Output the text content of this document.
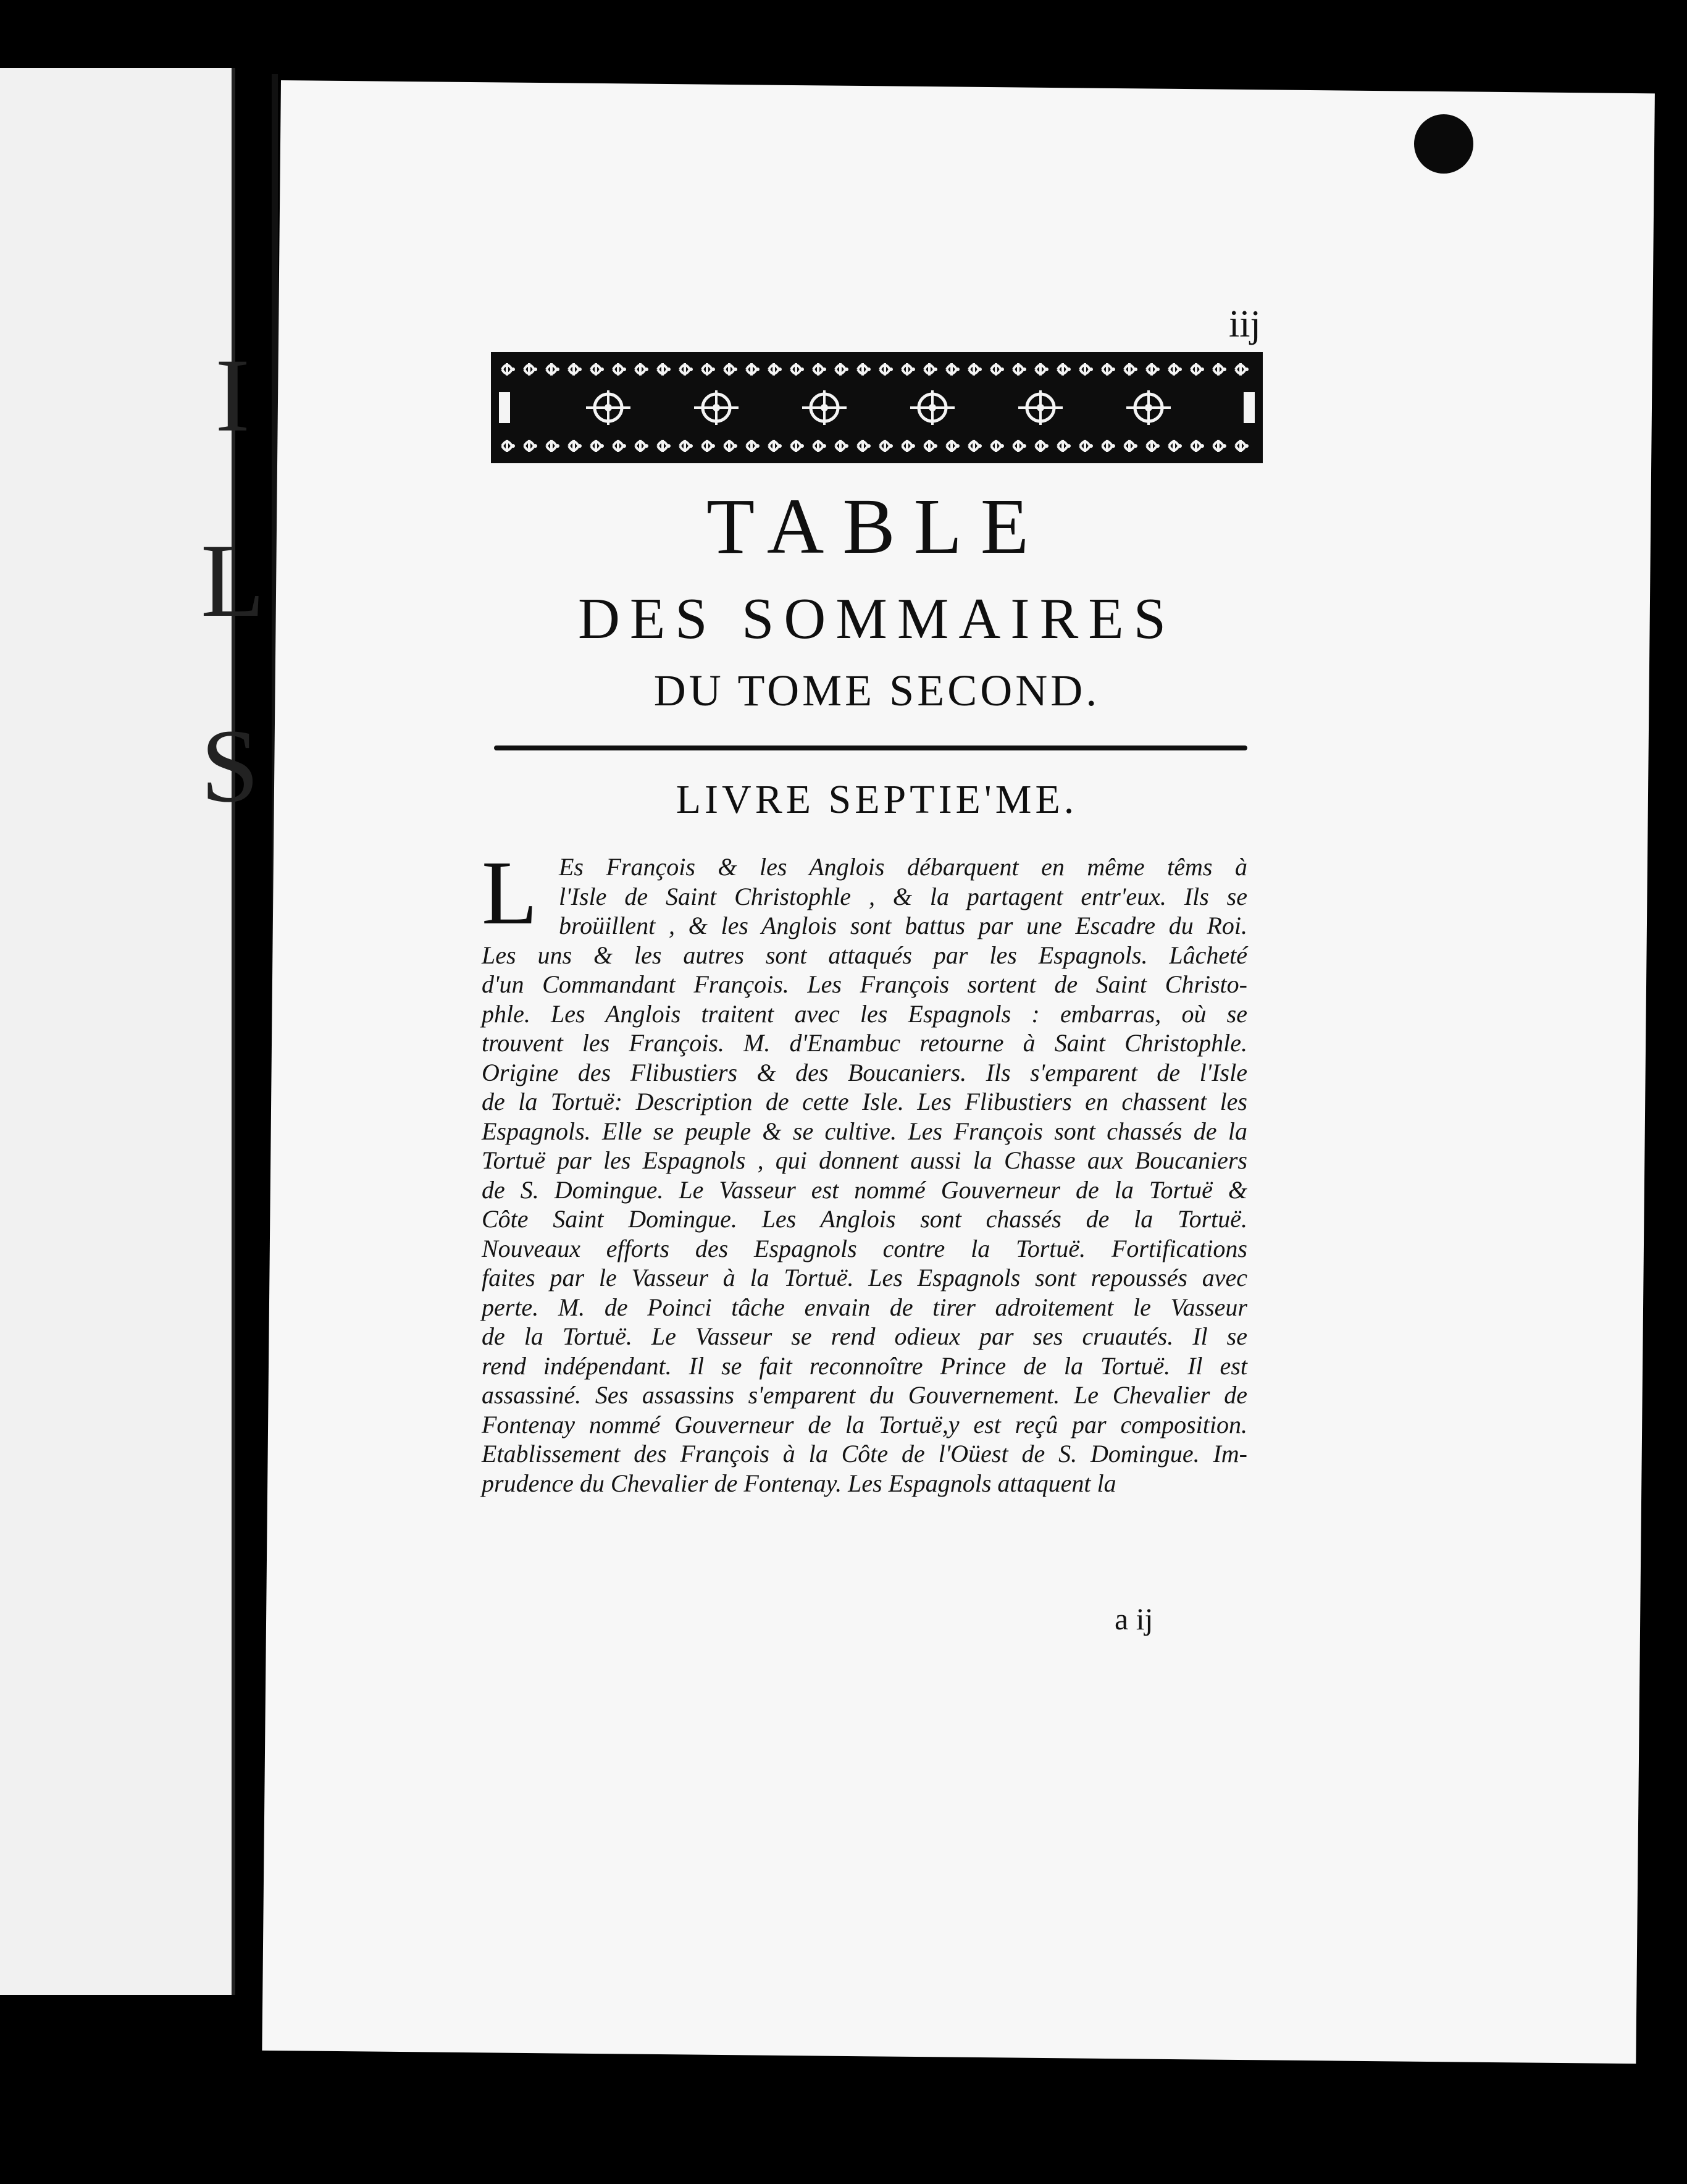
I
L
S
iij
TABLE
DES SOMMAIRES
DU TOME SECOND.
LIVRE SEPTIE'ME.
L Es François & les Anglois débarquent en même têms à
l'Isle de Saint Christophle , & la partagent entr'eux. Ils se
broüillent , & les Anglois sont battus par une Escadre du Roi.
Les uns & les autres sont attaqués par les Espagnols. Lâcheté
d'un Commandant François. Les François sortent de Saint Christo-
phle. Les Anglois traitent avec les Espagnols : embarras, où se
trouvent les François. M. d'Enambuc retourne à Saint Christophle.
Origine des Flibustiers & des Boucaniers. Ils s'emparent de l'Isle
de la Tortuë: Description de cette Isle. Les Flibustiers en chassent les
Espagnols. Elle se peuple & se cultive. Les François sont chassés de la
Tortuë par les Espagnols , qui donnent aussi la Chasse aux Boucaniers
de S. Domingue. Le Vasseur est nommé Gouverneur de la Tortuë &
Côte Saint Domingue. Les Anglois sont chassés de la Tortuë.
Nouveaux efforts des Espagnols contre la Tortuë. Fortifications
faites par le Vasseur à la Tortuë. Les Espagnols sont repoussés avec
perte. M. de Poinci tâche envain de tirer adroitement le Vasseur
de la Tortuë. Le Vasseur se rend odieux par ses cruautés. Il se
rend indépendant. Il se fait reconnoître Prince de la Tortuë. Il est
assassiné. Ses assassins s'emparent du Gouvernement. Le Chevalier de
Fontenay nommé Gouverneur de la Tortuë,y est reçû par composition.
Etablissement des François à la Côte de l'Oüest de S. Domingue. Im-
prudence du Chevalier de Fontenay. Les Espagnols attaquent la
a ij
